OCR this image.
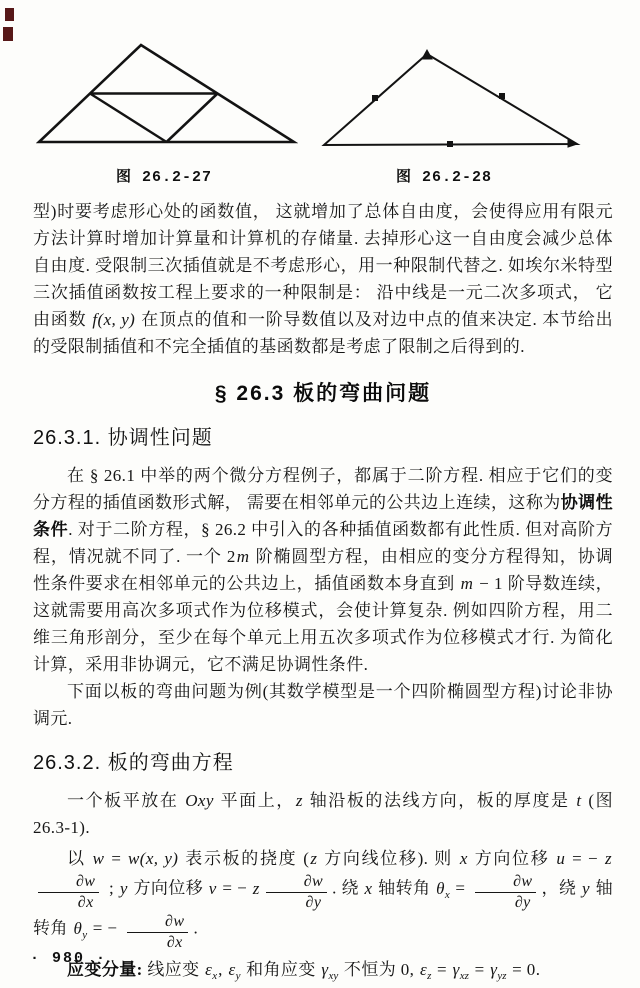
图 26.2-27	图 26.2-28

型)时要考虑形心处的函数值， 这就增加了总体自由度，会使得应用有限元方法计算时增加计算量和计算机的存储量. 去掉形心这一自由度会减少总体自由度. 受限制三次插值就是不考虑形心，用一种限制代替之. 如埃尔米特型三次插值函数按工程上要求的一种限制是： 沿中线是一元二次多项式， 它由函数 f(x, y) 在顶点的值和一阶导数值以及对边中点的值来决定. 本节给出的受限制插值和不完全插值的基函数都是考虑了限制之后得到的.

§ 26.3 板的弯曲问题
26.3.1. 协调性问题

在 § 26.1 中举的两个微分方程例子，都属于二阶方程. 相应于它们的变分方程的插值函数形式解， 需要在相邻单元的公共边上连续，这称为协调性条件. 对于二阶方程，§ 26.2 中引入的各种插值函数都有此性质. 但对高阶方程，情况就不同了. 一个 2m 阶椭圆型方程，由相应的变分方程得知，协调性条件要求在相邻单元的公共边上，插值函数本身直到 m − 1 阶导数连续，这就需要用高次多项式作为位移模式，会使计算复杂. 例如四阶方程，用二维三角形剖分，至少在每个单元上用五次多项式作为位移模式才行. 为简化计算，采用非协调元，它不满足协调性条件.

下面以板的弯曲问题为例(其数学模型是一个四阶椭圆型方程)讨论非协调元.

26.3.2. 板的弯曲方程

一个板平放在 Oxy 平面上，z 轴沿板的法线方向，板的厚度是 t (图 26.3-1).

以 w = w(x, y) 表示板的挠度 (z 方向线位移). 则 x 方向位移 u = − z
$\frac{\partial w}{\partial x}$ ; y 方向位移 v = − z $\frac{\partial w}{\partial y}$ . 绕 x 轴转角 $\theta_x = \frac{\partial w}{\partial y}$ ，绕 y 轴转角 $\theta_y$ = − $\frac{\partial w}{\partial x}$ .

应变分量: 线应变 $\varepsilon_x$, $\varepsilon_y$ 和角应变 $\gamma_{xy}$ 不恒为 0, $\varepsilon_z = \gamma_{xz} = \gamma_{yz} = 0$.

· 980 ·
